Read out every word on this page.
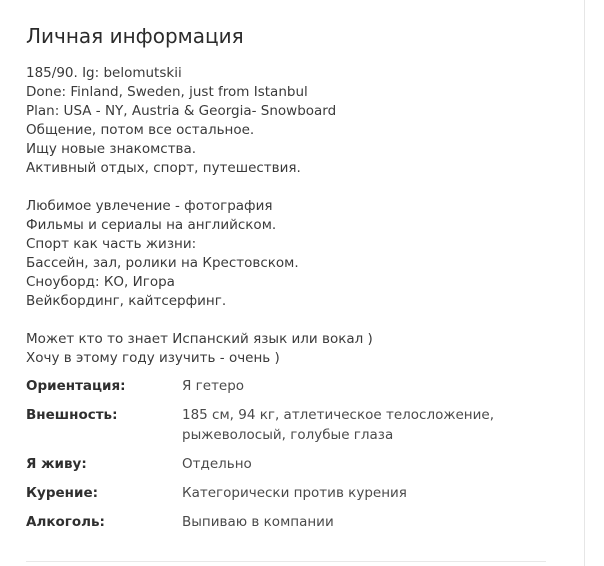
Личная информация
185/90. Ig: belomutskii
Done: Finland, Sweden, just from Istanbul
Plan: USA - NY, Austria & Georgia- Snowboard
Общение, потом все остальное.
Ищу новые знакомства.
Активный отдых, спорт, путешествия.
Любимое увлечение - фотография
Фильмы и сериалы на английском.
Спорт как часть жизни:
Бассейн, зал, ролики на Крестовском.
Сноуборд: КО, Игора
Вейкбординг, кайтсерфинг.
Может кто то знает Испанский язык или вокал )
Хочу в этому году изучить - очень )
Ориентация:	Я гетеро
Внешность:	185 см, 94 кг, атлетическое телосложение,
рыжеволосый, голубые глаза
Я живу:	Отдельно
Курение:	Категорически против курения
Алкоголь:	Выпиваю в компании
